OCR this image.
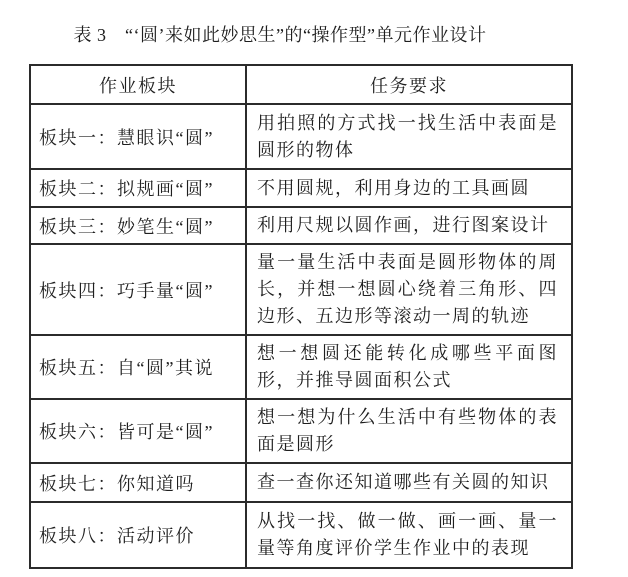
表 3　“‘圆’来如此妙思生”的“操作型”单元作业设计
作业板块	任务要求
板块一：慧眼识“圆”	用拍照的方式找一找生活中表面是圆形的物体
板块二：拟规画“圆”	不用圆规，利用身边的工具画圆
板块三：妙笔生“圆”	利用尺规以圆作画，进行图案设计
板块四：巧手量“圆”	量一量生活中表面是圆形物体的周长，并想一想圆心绕着三角形、四边形、五边形等滚动一周的轨迹
板块五：自“圆”其说	想一想圆还能转化成哪些平面图形，并推导圆面积公式
板块六：皆可是“圆”	想一想为什么生活中有些物体的表面是圆形
板块七：你知道吗	查一查你还知道哪些有关圆的知识
板块八：活动评价	从找一找、做一做、画一画、量一量等角度评价学生作业中的表现
